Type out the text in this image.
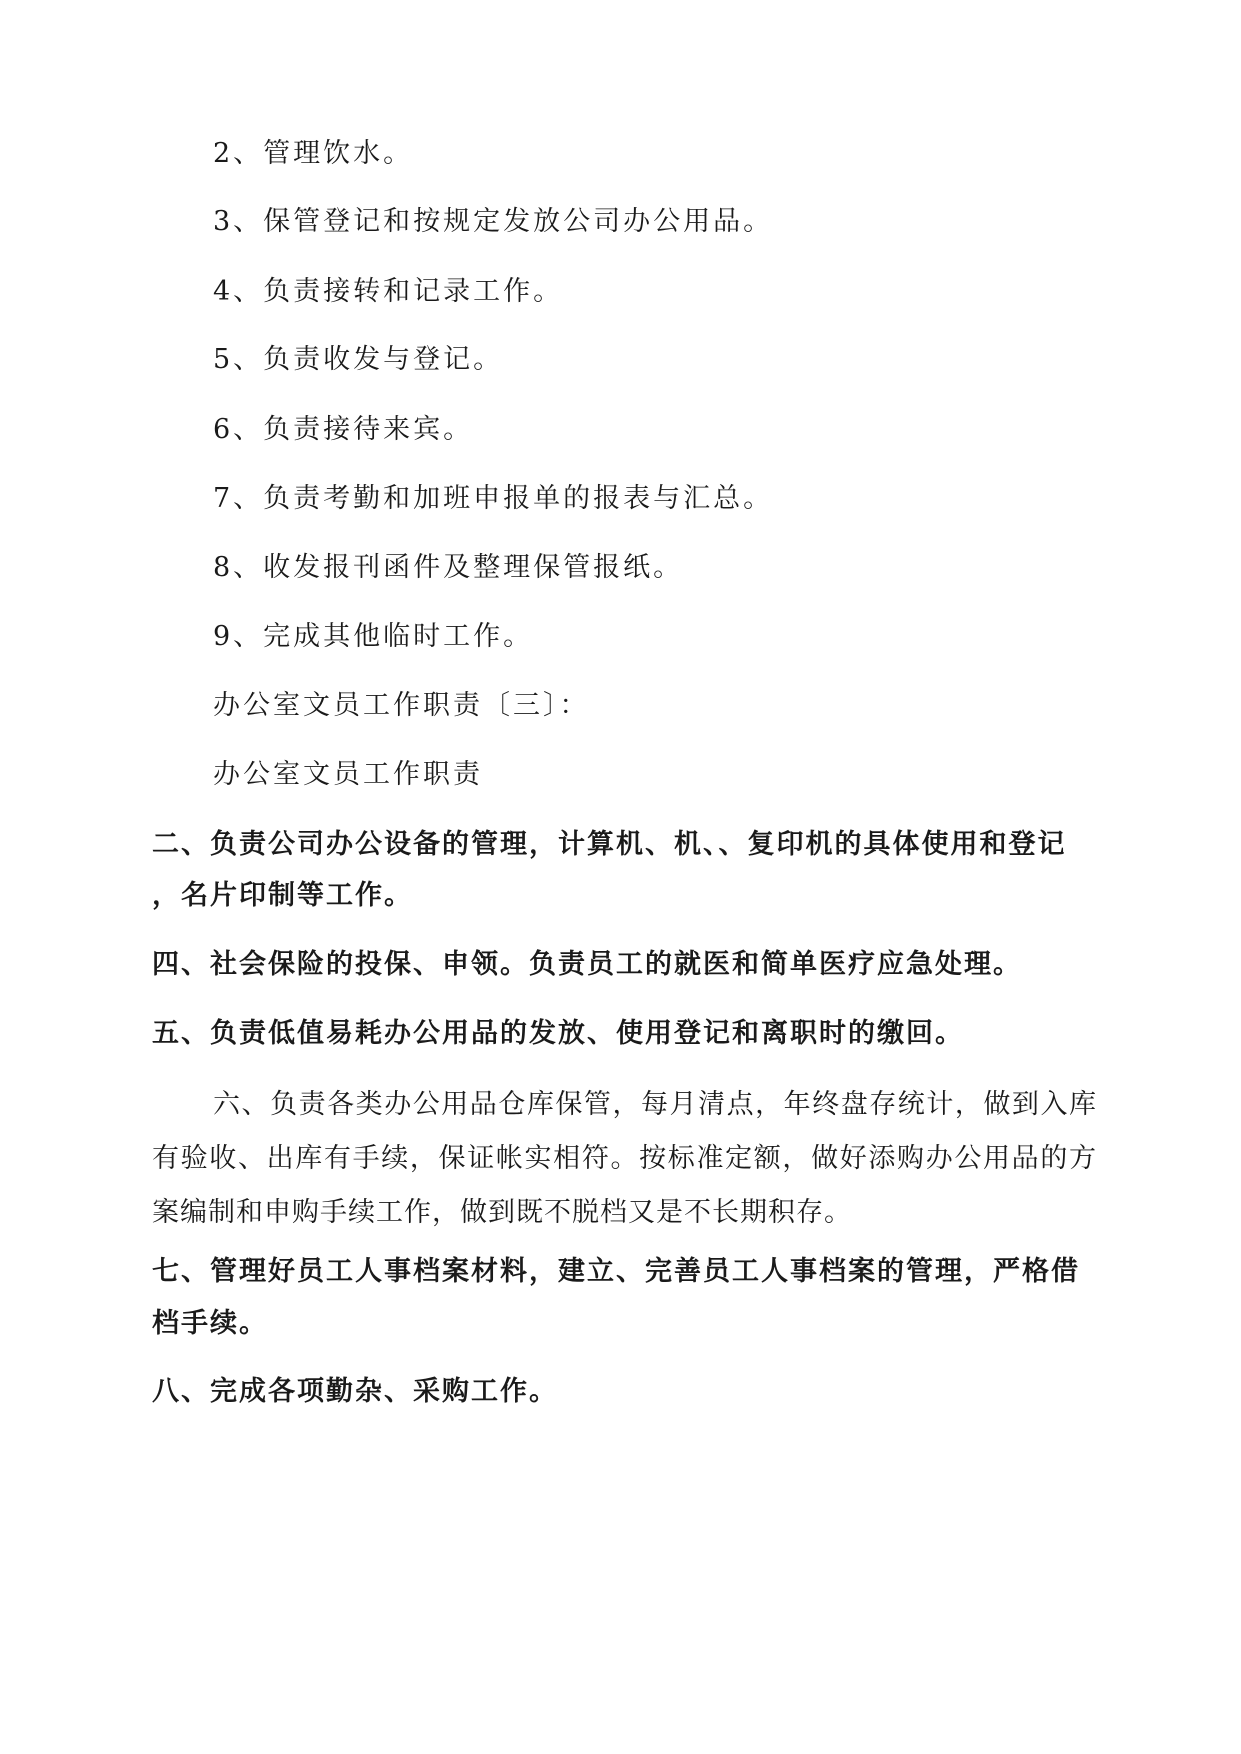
2、管理饮水。
3、保管登记和按规定发放公司办公用品。
4、负责接转和记录工作。
5、负责收发与登记。
6、负责接待来宾。
7、负责考勤和加班申报单的报表与汇总。
8、收发报刊函件及整理保管报纸。
9、完成其他临时工作。
办公室文员工作职责〔三〕：
办公室文员工作职责
二、负责公司办公设备的管理，计算机、机、、复印机的具体使用和登记
，名片印制等工作。
四、社会保险的投保、申领。负责员工的就医和简单医疗应急处理。
五、负责低值易耗办公用品的发放、使用登记和离职时的缴回。
六、负责各类办公用品仓库保管，每月清点，年终盘存统计，做到入库有验收、出库有手续，保证帐实相符。按标准定额，做好添购办公用品的方案编制和申购手续工作，做到既不脱档又是不长期积存。
七、管理好员工人事档案材料，建立、完善员工人事档案的管理，严格借
档手续。
八、完成各项勤杂、采购工作。
